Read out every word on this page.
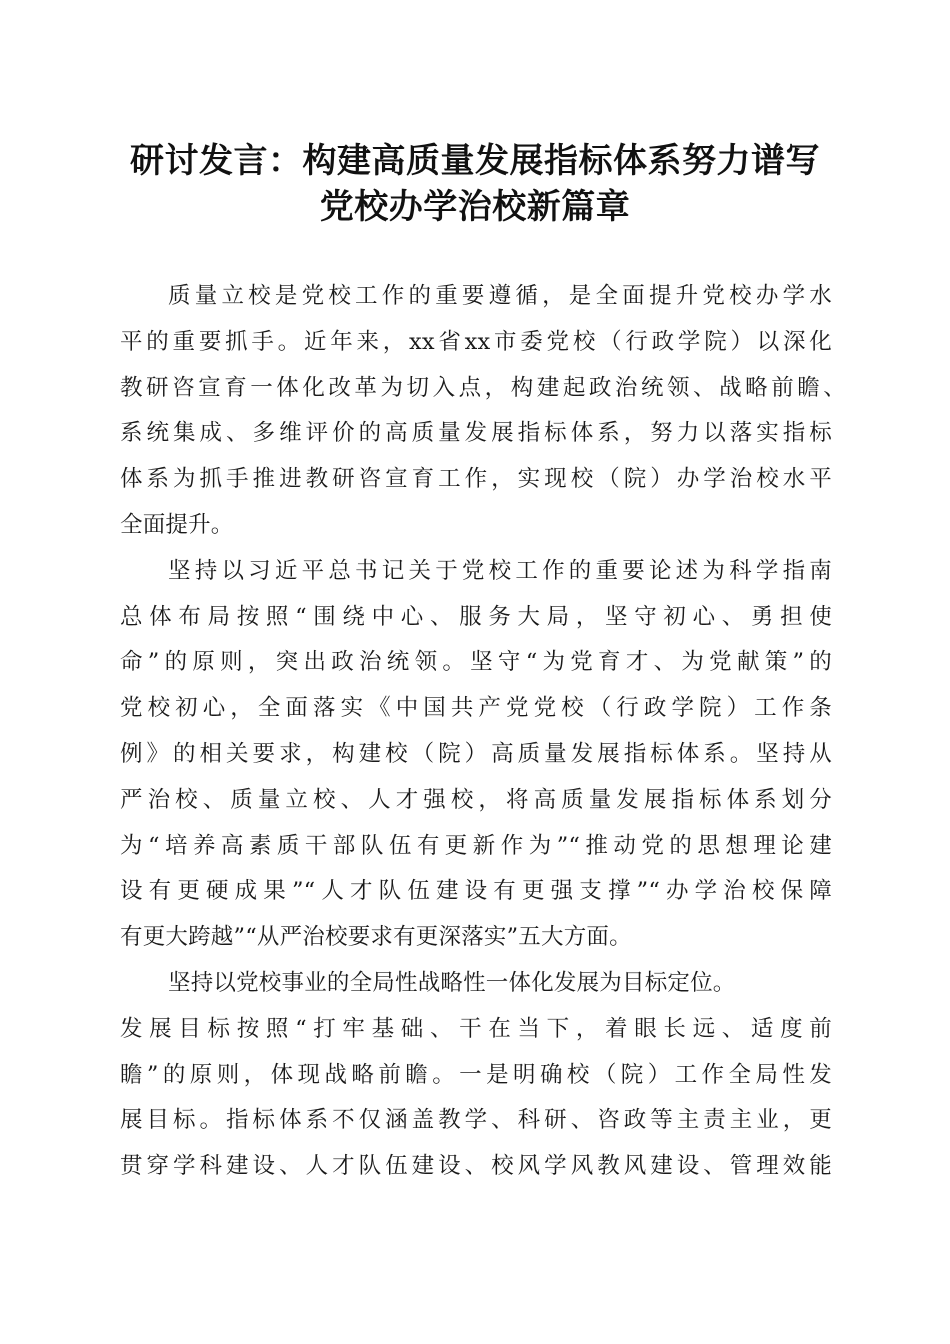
研讨发言：构建高质量发展指标体系努力谱写
党校办学治校新篇章
质量立校是党校工作的重要遵循，是全面提升党校办学水
平的重要抓手。近年来，xx省xx市委党校（行政学院）以深化
教研咨宣育一体化改革为切入点，构建起政治统领、战略前瞻、
系统集成、多维评价的高质量发展指标体系，努力以落实指标
体系为抓手推进教研咨宣育工作，实现校（院）办学治校水平
全面提升。
坚持以习近平总书记关于党校工作的重要论述为科学指南
总体布局按照“围绕中心、服务大局，坚守初心、勇担使
命”的原则，突出政治统领。坚守“为党育才、为党献策”的
党校初心，全面落实《中国共产党党校（行政学院）工作条
例》的相关要求，构建校（院）高质量发展指标体系。坚持从
严治校、质量立校、人才强校，将高质量发展指标体系划分
为“培养高素质干部队伍有更新作为”“推动党的思想理论建
设有更硬成果”“人才队伍建设有更强支撑”“办学治校保障
有更大跨越”“从严治校要求有更深落实”五大方面。
坚持以党校事业的全局性战略性一体化发展为目标定位。
发展目标按照“打牢基础、干在当下，着眼长远、适度前
瞻”的原则，体现战略前瞻。一是明确校（院）工作全局性发
展目标。指标体系不仅涵盖教学、科研、咨政等主责主业，更
贯穿学科建设、人才队伍建设、校风学风教风建设、管理效能
